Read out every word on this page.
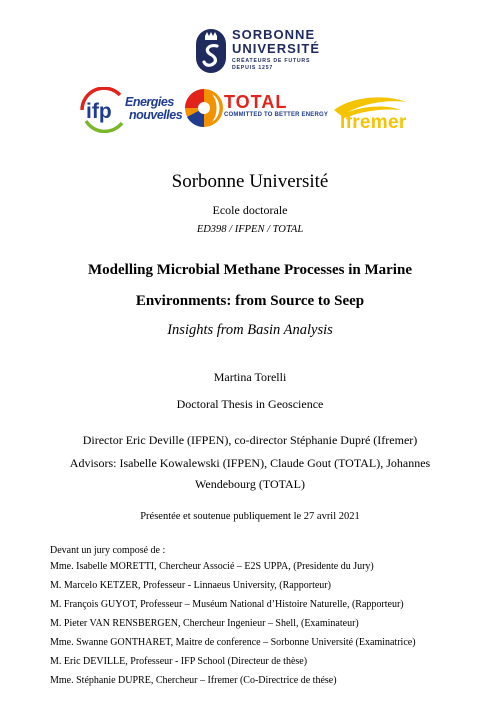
SORBONNE
UNIVERSITÉ
CRÉATEURS DE FUTURS
DEPUIS 1257
ifp Energies
nouvelles
TOTAL
COMMITTED TO BETTER ENERGY Ifremer
Sorbonne Université
Ecole doctorale
ED398 / IFPEN / TOTAL
Modelling Microbial Methane Processes in Marine
Environments: from Source to Seep
Insights from Basin Analysis
Martina Torelli
Doctoral Thesis in Geoscience
Director Eric Deville (IFPEN), co-director Stéphanie Dupré (Ifremer)
Advisors: Isabelle Kowalewski (IFPEN), Claude Gout (TOTAL), Johannes
Wendebourg (TOTAL)
Présentée et soutenue publiquement le 27 avril 2021
Devant un jury composé de :
Mme. Isabelle MORETTI, Chercheur Associé – E2S UPPA, (Presidente du Jury)
M. Marcelo KETZER, Professeur - Linnaeus University, (Rapporteur)
M. François GUYOT, Professeur – Muséum National d’Histoire Naturelle, (Rapporteur)
M. Pieter VAN RENSBERGEN, Chercheur Ingenieur – Shell, (Examinateur)
Mme. Swanne GONTHARET, Maitre de conference – Sorbonne Université (Examinatrice)
M. Eric DEVILLE, Professeur - IFP School (Directeur de thèse)
Mme. Stéphanie DUPRE, Chercheur – Ifremer (Co-Directrice de thése)
